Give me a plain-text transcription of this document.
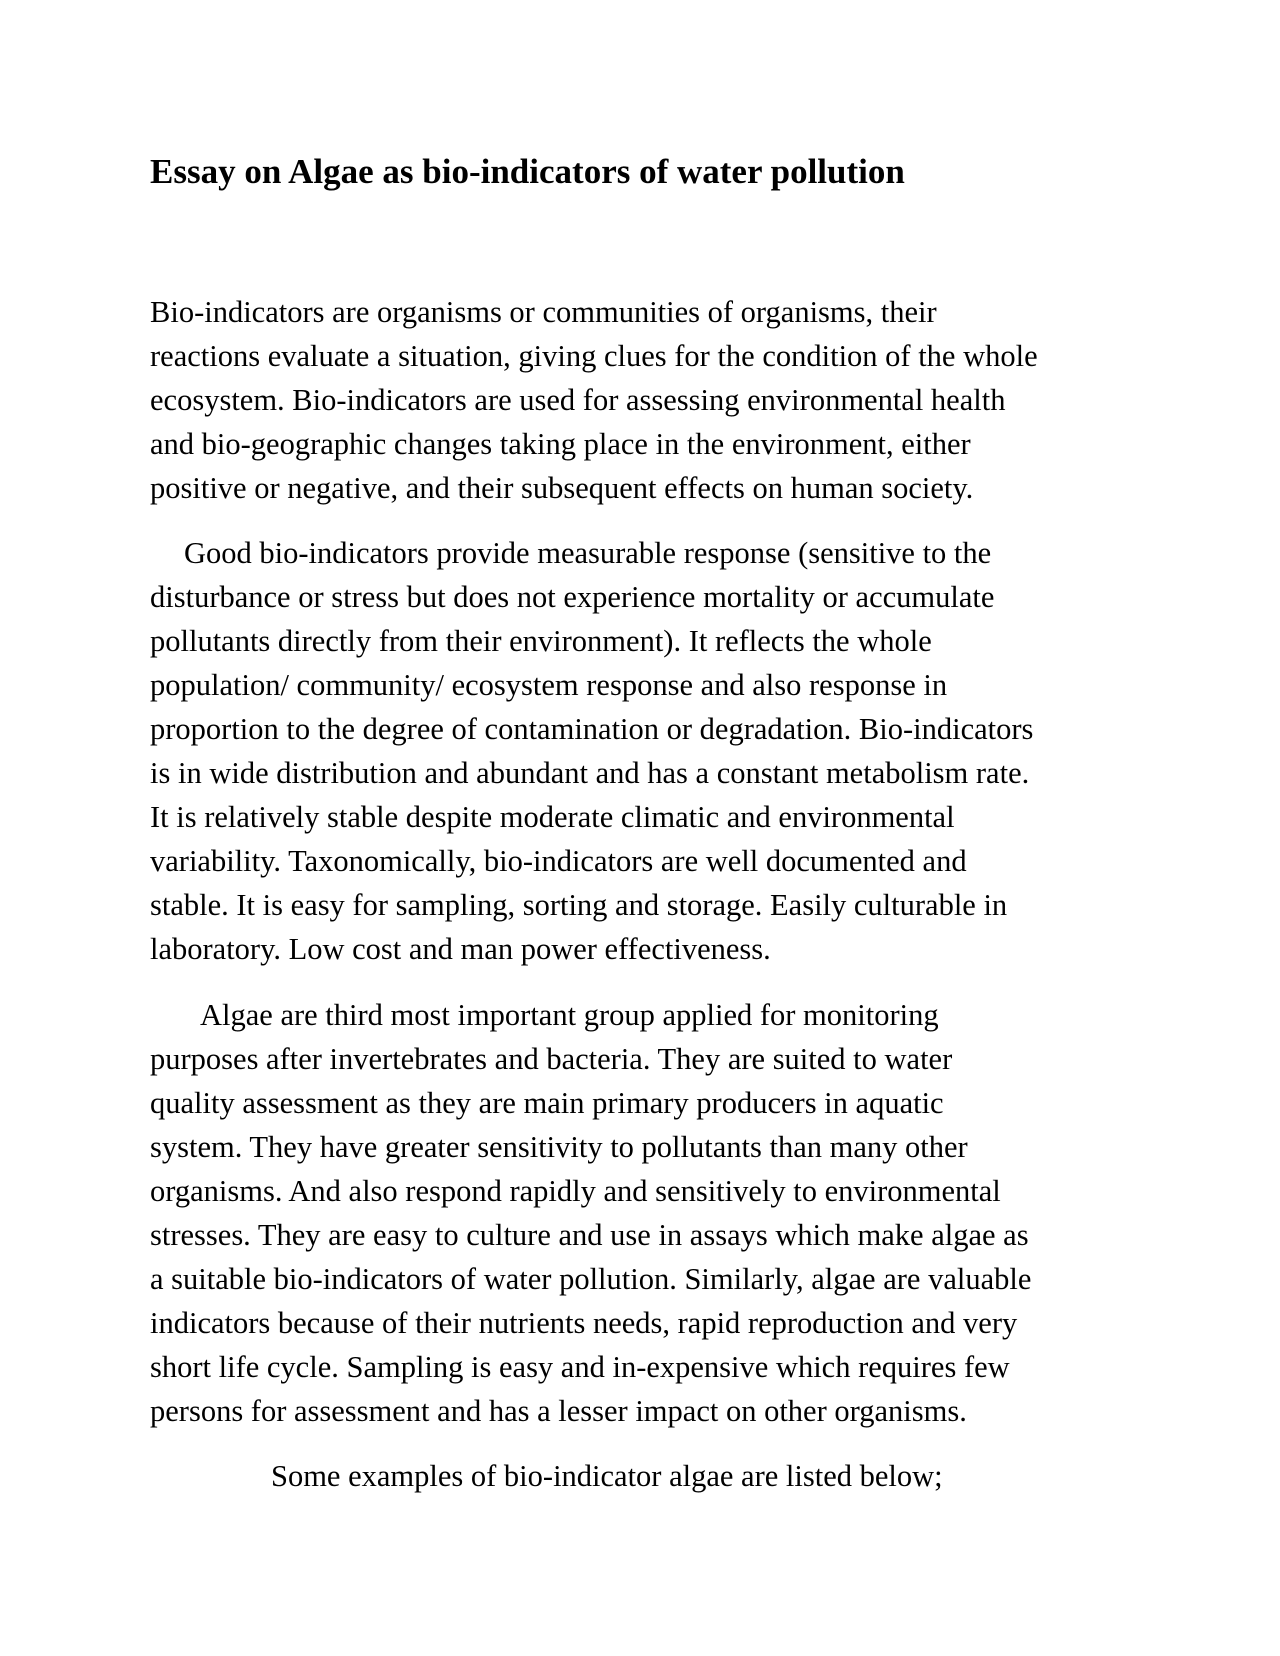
Essay on Algae as bio-indicators of water pollution

Bio-indicators are organisms or communities of organisms, their
reactions evaluate a situation, giving clues for the condition of the whole
ecosystem. Bio-indicators are used for assessing environmental health
and bio-geographic changes taking place in the environment, either
positive or negative, and their subsequent effects on human society.

Good bio-indicators provide measurable response (sensitive to the
disturbance or stress but does not experience mortality or accumulate
pollutants directly from their environment). It reflects the whole
population/ community/ ecosystem response and also response in
proportion to the degree of contamination or degradation. Bio-indicators
is in wide distribution and abundant and has a constant metabolism rate.
It is relatively stable despite moderate climatic and environmental
variability. Taxonomically, bio-indicators are well documented and
stable. It is easy for sampling, sorting and storage. Easily culturable in
laboratory. Low cost and man power effectiveness.

Algae are third most important group applied for monitoring
purposes after invertebrates and bacteria. They are suited to water
quality assessment as they are main primary producers in aquatic
system. They have greater sensitivity to pollutants than many other
organisms. And also respond rapidly and sensitively to environmental
stresses. They are easy to culture and use in assays which make algae as
a suitable bio-indicators of water pollution. Similarly, algae are valuable
indicators because of their nutrients needs, rapid reproduction and very
short life cycle. Sampling is easy and in-expensive which requires few
persons for assessment and has a lesser impact on other organisms.

Some examples of bio-indicator algae are listed below;
